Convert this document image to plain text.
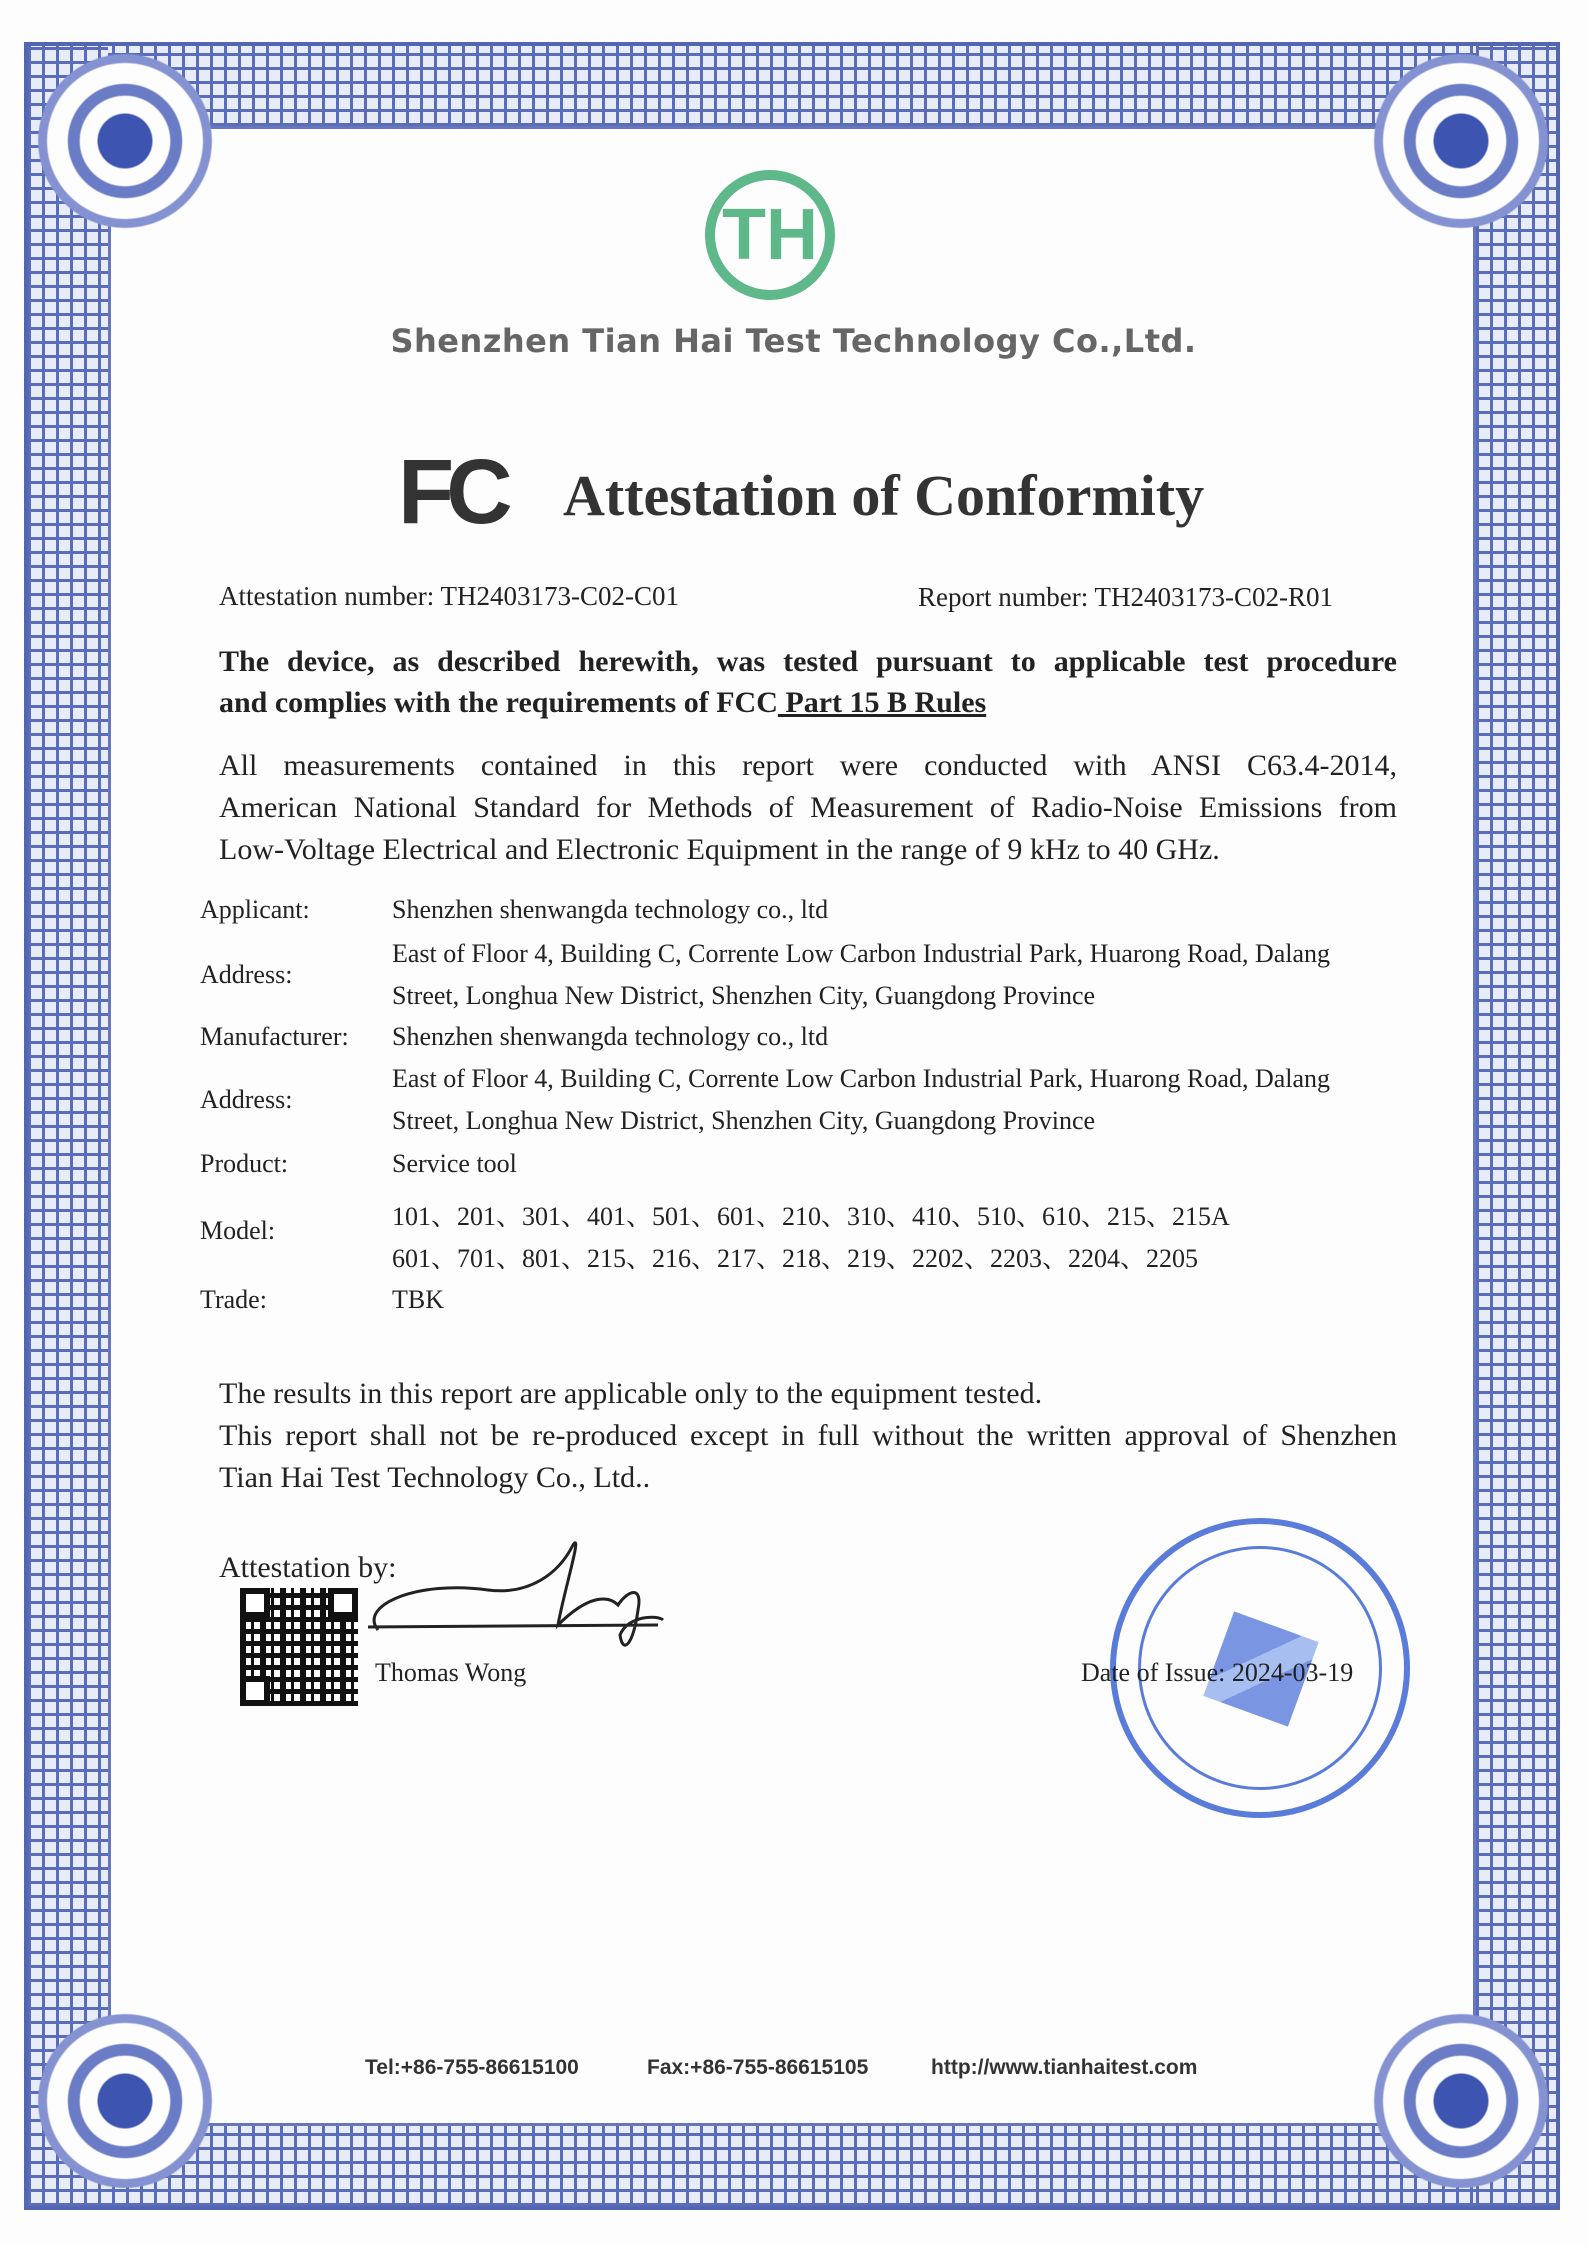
TH
Shenzhen Tian Hai Test Technology Co.,Ltd.
FC Attestation of Conformity
Attestation number: TH2403173-C02-C01	Report number: TH2403173-C02-R01
The device, as described herewith, was tested pursuant to applicable test procedure
and complies with the requirements of FCC Part 15 B Rules
All measurements contained in this report were conducted with ANSI C63.4-2014,
American National Standard for Methods of Measurement of Radio-Noise Emissions from
Low-Voltage Electrical and Electronic Equipment in the range of 9 kHz to 40 GHz.
Applicant:	Shenzhen shenwangda technology co., ltd
Address:
East of Floor 4, Building C, Corrente Low Carbon Industrial Park, Huarong Road, Dalang
Street, Longhua New District, Shenzhen City, Guangdong Province
Manufacturer: Shenzhen shenwangda technology co., ltd
Address:
East of Floor 4, Building C, Corrente Low Carbon Industrial Park, Huarong Road, Dalang
Street, Longhua New District, Shenzhen City, Guangdong Province
Product:	Service tool
Model:	101、201、301、401、501、601、210、310、410、510、610、215、215A
601、701、801、215、216、217、218、219、2202、2203、2204、2205
Trade:	TBK
The results in this report are applicable only to the equipment tested.
This report shall not be re-produced except in full without the written approval of Shenzhen
Tian Hai Test Technology Co., Ltd..
Attestation by:
Thomas Wong	Date of Issue: 2024-03-19
Tel:+86-755-86615100	Fax:+86-755-86615105	http://www.tianhaitest.com
